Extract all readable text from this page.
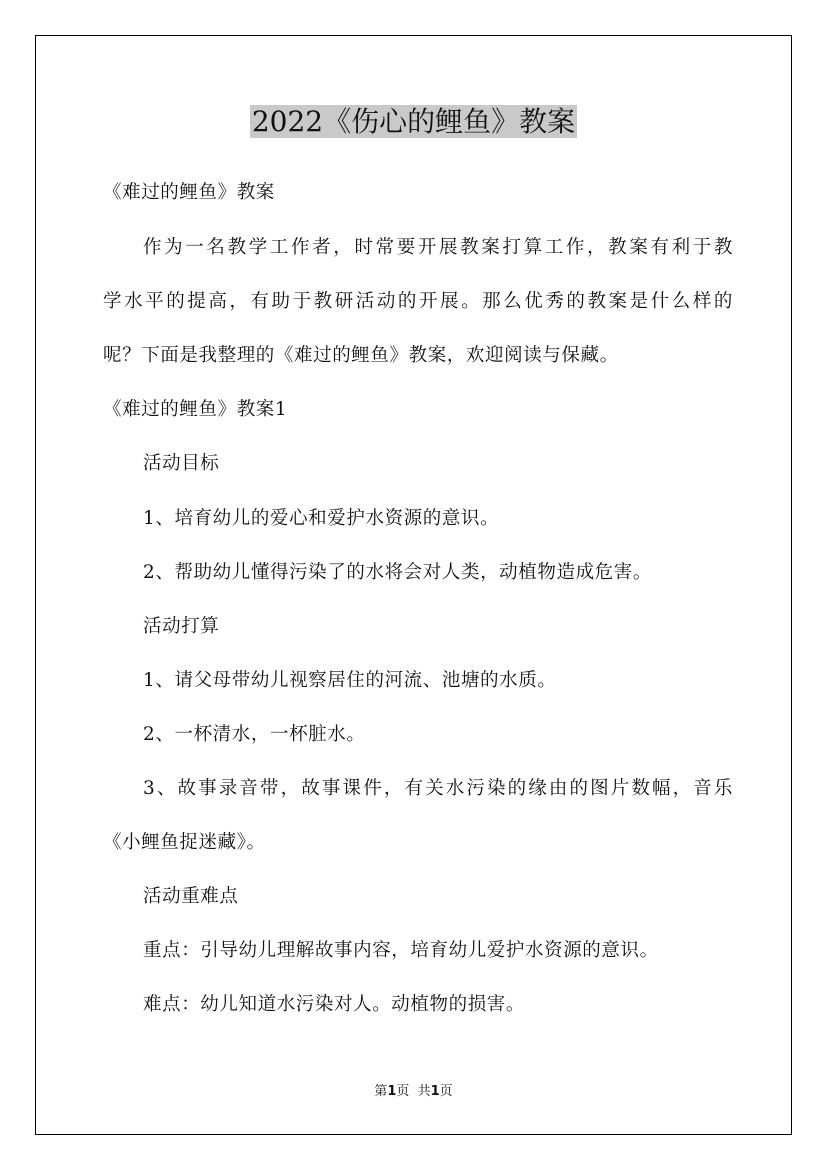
2022《伤心的鲤鱼》教案
《难过的鲤鱼》教案
作为一名教学工作者，时常要开展教案打算工作，教案有利于教
学水平的提高，有助于教研活动的开展。那么优秀的教案是什么样的
呢？下面是我整理的《难过的鲤鱼》教案，欢迎阅读与保藏。
《难过的鲤鱼》教案1
活动目标
1、培育幼儿的爱心和爱护水资源的意识。
2、帮助幼儿懂得污染了的水将会对人类，动植物造成危害。
活动打算
1、请父母带幼儿视察居住的河流、池塘的水质。
2、一杯清水，一杯脏水。
3、故事录音带，故事课件，有关水污染的缘由的图片数幅，音乐
《小鲤鱼捉迷藏》。
活动重难点
重点：引导幼儿理解故事内容，培育幼儿爱护水资源的意识。
难点：幼儿知道水污染对人。动植物的损害。
第1页  共1页
